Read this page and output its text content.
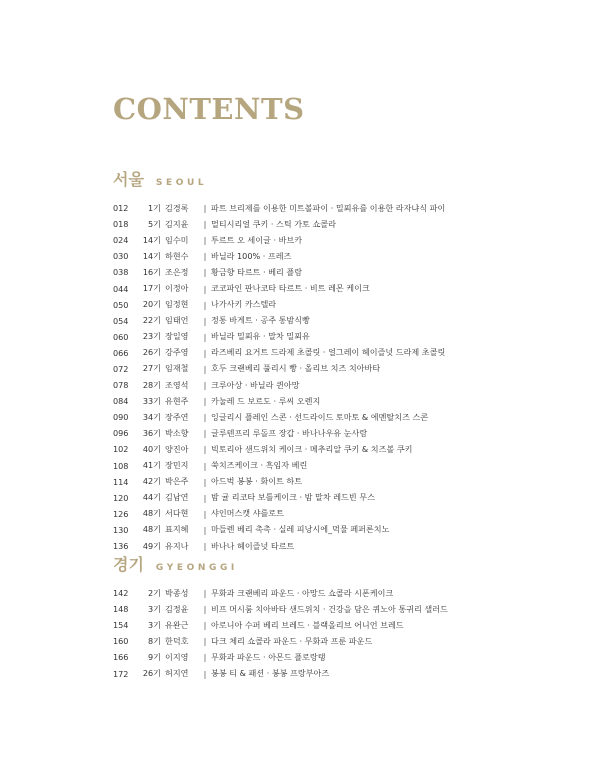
CONTENTS
서울 SEOUL
012	1기 김경록	| 파트 브리제를 이용한 미트볼파이 · 밀푀유를 이용한 라자냐식 파이
018	5기 김지윤	| 멀티시리얼 쿠키 · 스틱 가토 쇼콜라
024	14기 임수미	| 투르트 오 세이글 · 바브카
030	14기 하현수	| 바닐라 100% · 프레즈
038	16기 조은정	| 황금향 타르트 · 베리 플람
044	17기 이정아	| 코코파인 판나코타 타르트 · 비트 레몬 케이크
050	20기 임정현	| 나가사키 카스텔라
054	22기 임태언	| 정통 바게트 · 공주 통밤식빵
060	23기 장일영	| 바닐라 밀푀유 · 말차 밀푀유
066	26기 강주영	| 라즈베리 요거트 드라제 초콜릿 · 얼그레이 헤이즐넛 드라제 초콜릿
072	27기 임재철	| 호두 크랜베리 풀리시 빵 · 올리브 치즈 치아바타
078	28기 조영석	| 크루아상 · 바닐라 퀸아망
084	33기 유현주	| 카눌레 드 보르도 · 루씨 오렌지
090	34기 장주연	| 잉글리시 플레인 스콘 · 선드라이드 토마토 & 에멘탈치즈 스콘
096	36기 박소향	| 글루텐프리 루돌프 장갑 · 바나나우유 눈사람
102	40기 양진아	| 빅토리아 샌드위치 케이크 · 메추리알 쿠키 & 치즈볼 쿠키
108	41기 장민지	| 쑥치즈케이크 · 흑임자 베린
114	42기 박은주	| 아드벅 봉봉 · 화이트 하트
120	44기 김남연	| 밤 귤 리코타 보틀케이크 · 밤 말차 레드빈 무스
126	48기 서다현	| 샤인머스캣 샤를로트
130	48기 표지혜	| 마들렌 베리 촉촉 · 실레 피낭시에_먹물 페퍼론치노
136	49기 유지나	| 바나나 헤이즐넛 타르트
경기 GYEONGGI
142	2기 박종성	| 무화과 크랜베리 파운드 · 아망드 쇼콜라 시폰케이크
148	3기 김정윤	| 비프 머시룸 치아바타 샌드위치 · 건강을 담은 퀴노아 통귀리 샐러드
154	3기 유완근	| 아로니아 수퍼 베리 브레드 · 블랙올리브 어니언 브레드
160	8기 한덕호	| 다크 체리 쇼콜라 파운드 · 무화과 프룬 파운드
166	9기 이지영	| 무화과 파운드 · 아몬드 플로랑탱
172	26기 허지연	| 봉봉 티 & 패션 · 봉봉 프랑부아즈
